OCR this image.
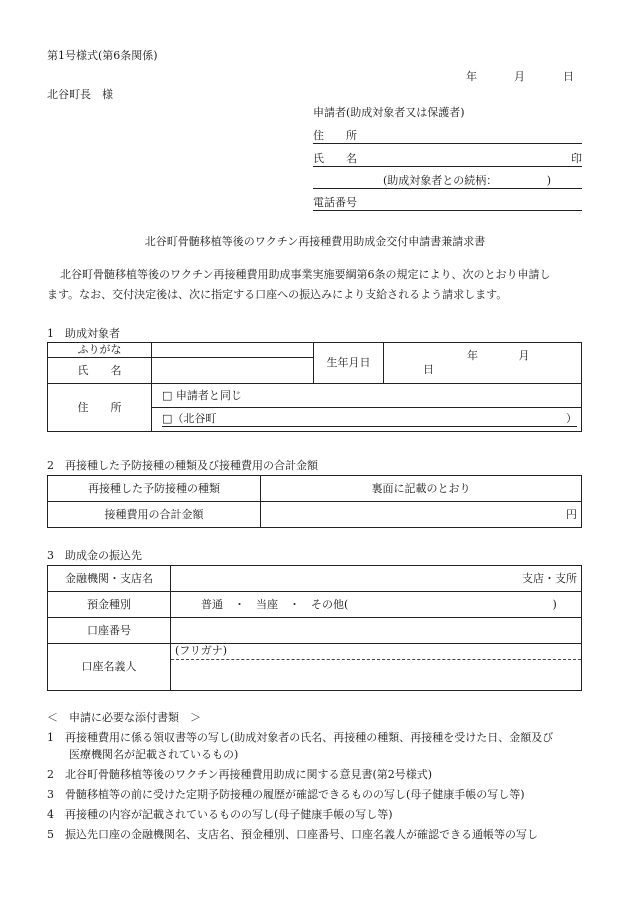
第1号様式(第6条関係)
年	月	日
北谷町長　様
申請者(助成対象者又は保護者)
住　　所
氏　　名	印
(助成対象者との続柄：　　　　　)
電話番号
北谷町骨髄移植等後のワクチン再接種費用助成金交付申請書兼請求書
北谷町骨髄移植等後のワクチン再接種費用助成事業実施要綱第6条の規定により、次のとおり申請し
ます。なお、交付決定後は、次に指定する口座への振込みにより支給されるよう請求します。
1　助成対象者
ふりがな		生年月日	年 月 日
氏　　名			
住　　所	□ 申請者と同じ		

	□（北谷町 ）		
2　再接種した予防接種の種類及び接種費用の合計金額
再接種した予防接種の種類	裏面に記載のとおり
接種費用の合計金額	円
3　助成金の振込先
金融機関・支店名	支店・支所
預金種別	普通　・　当座　・　その他( )
口座番号	
口座名義人	(フリガナ)
＜　申請に必要な添付書類　＞
1　再接種費用に係る領収書等の写し(助成対象者の氏名、再接種の種類、再接種を受けた日、金額及び
　　医療機関名が記載されているもの)
2　北谷町骨髄移植等後のワクチン再接種費用助成に関する意見書(第2号様式)
3　骨髄移植等の前に受けた定期予防接種の履歴が確認できるものの写し(母子健康手帳の写し等)
4　再接種の内容が記載されているものの写し(母子健康手帳の写し等)
5　振込先口座の金融機関名、支店名、預金種別、口座番号、口座名義人が確認できる通帳等の写し
